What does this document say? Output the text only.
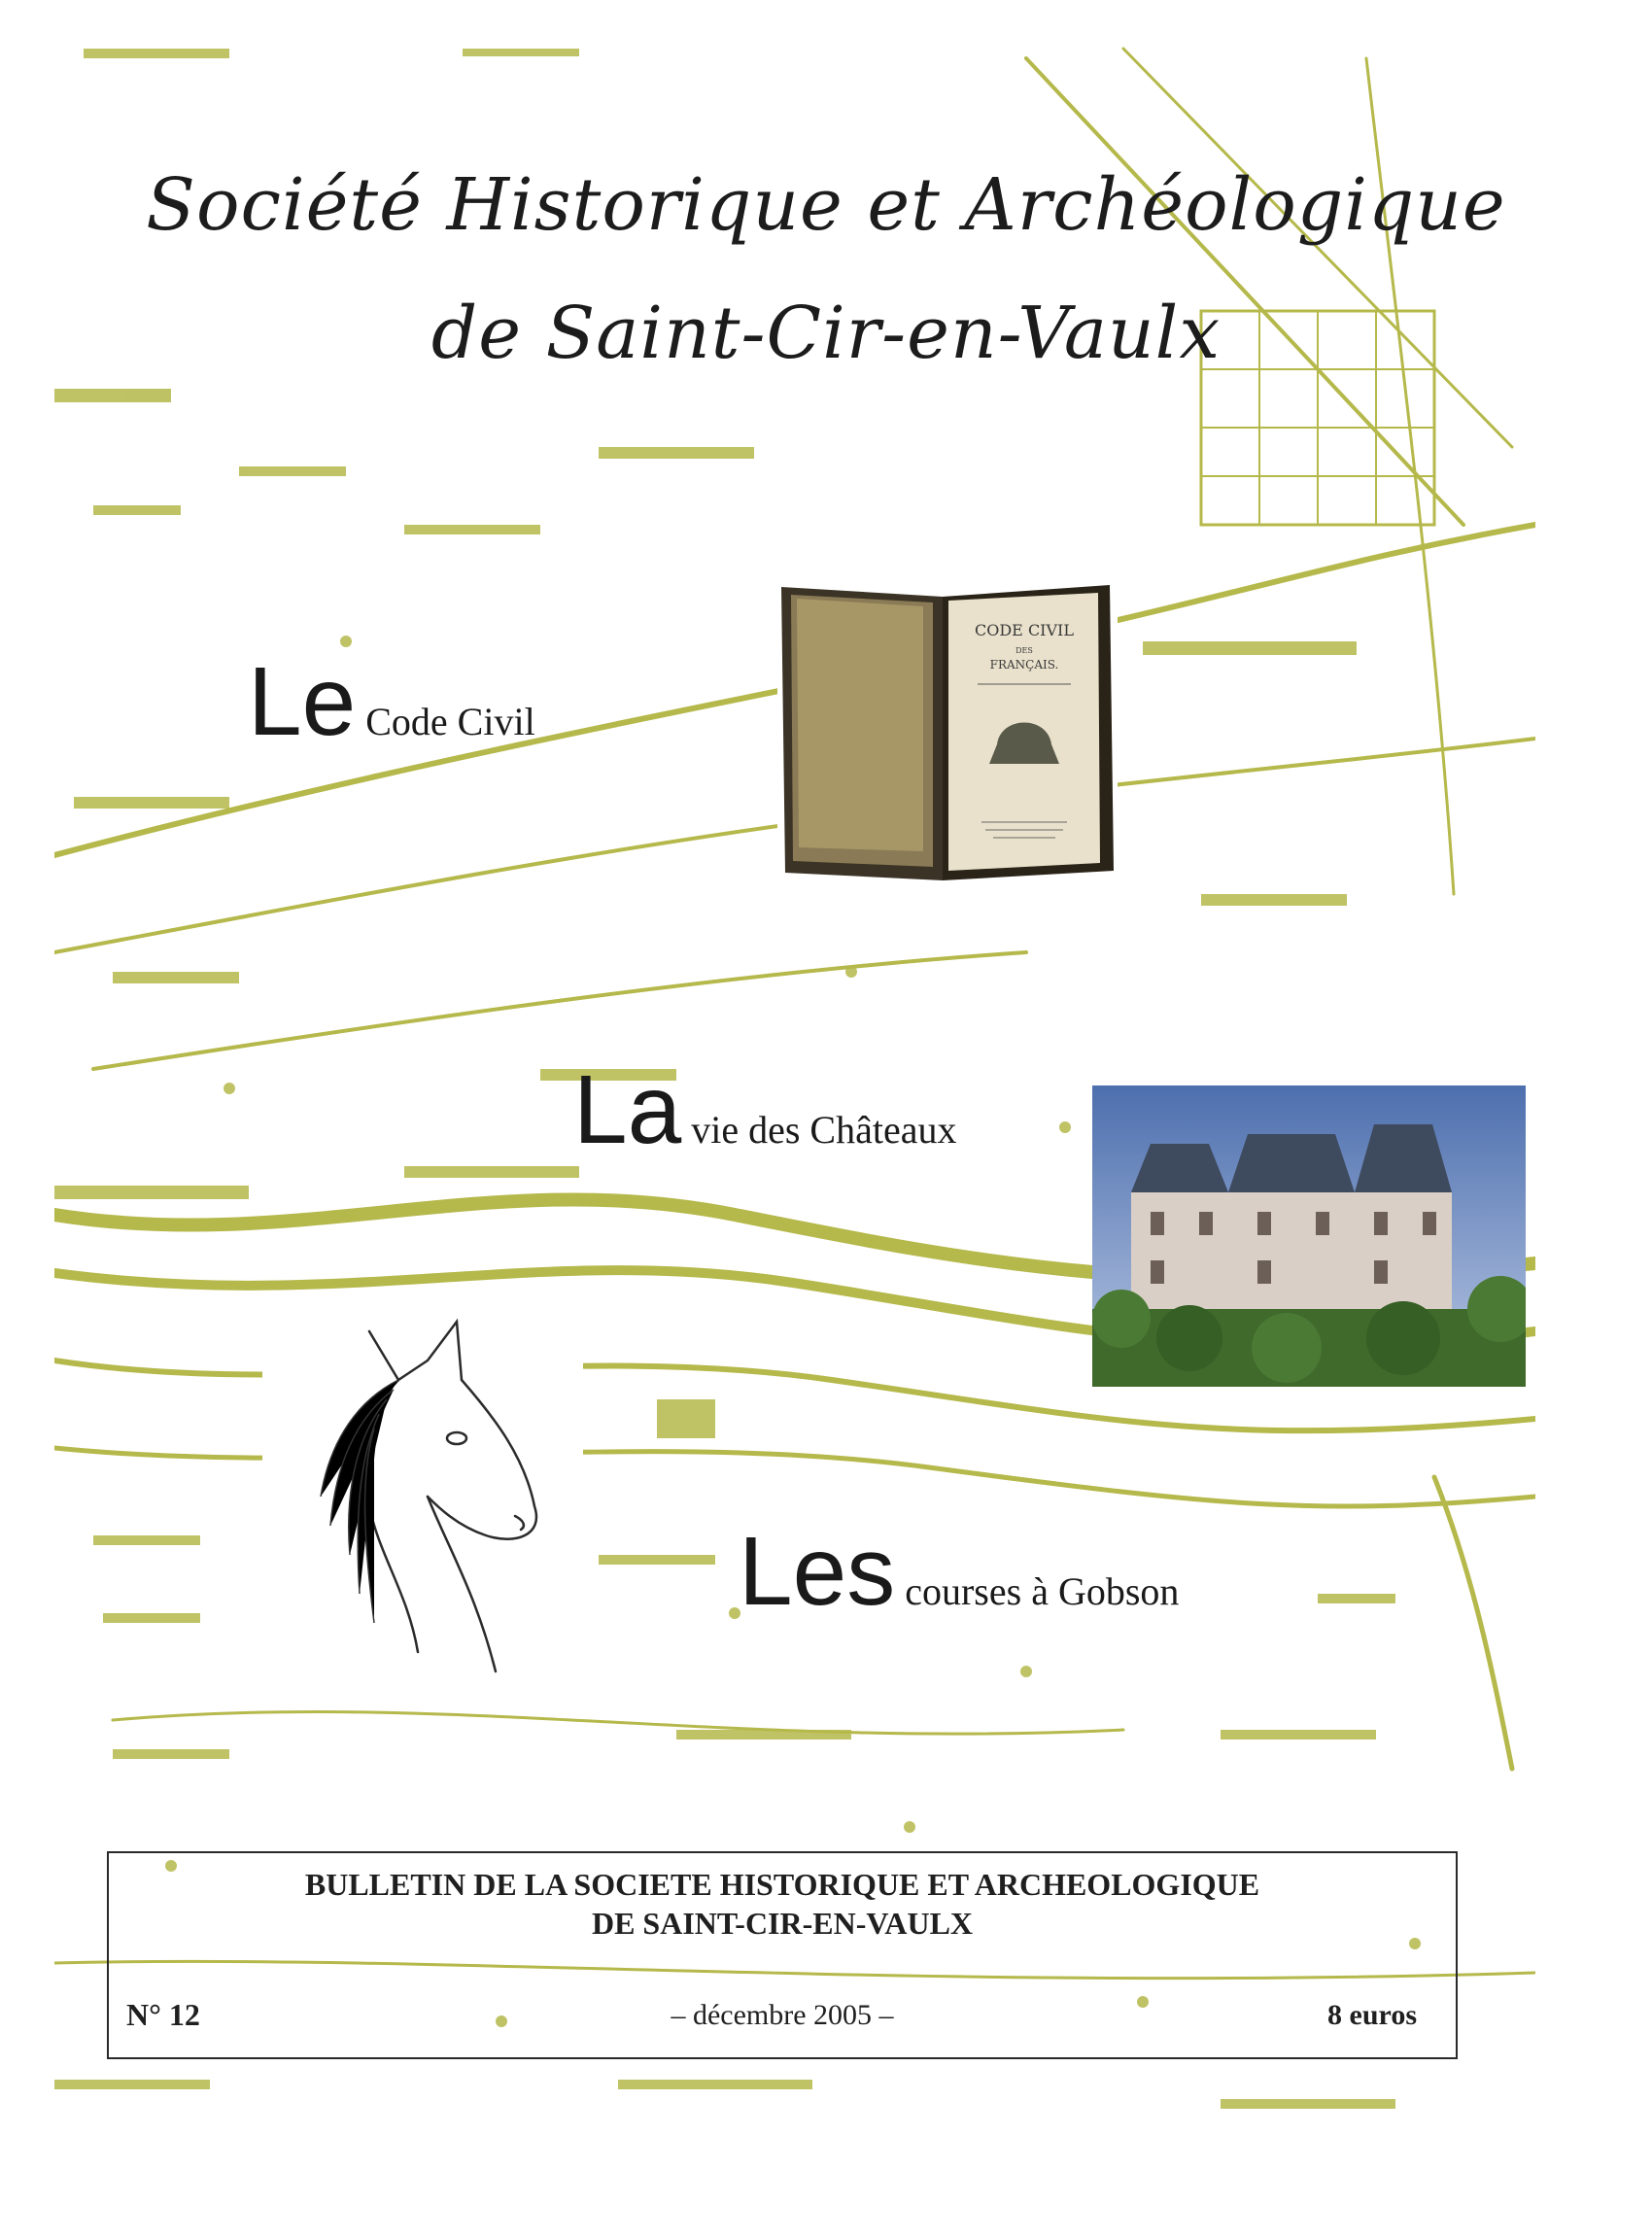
Société Historique et Archéologique
de Saint-Cir-en-Vaulx
Le Code Civil
CODE CIVIL
DES
FRANÇAIS.
La vie des Châteaux
Les courses à Gobson
BULLETIN DE LA SOCIETE HISTORIQUE ET ARCHEOLOGIQUE
DE SAINT-CIR-EN-VAULX
– décembre 2005 –
N° 12	8 euros
